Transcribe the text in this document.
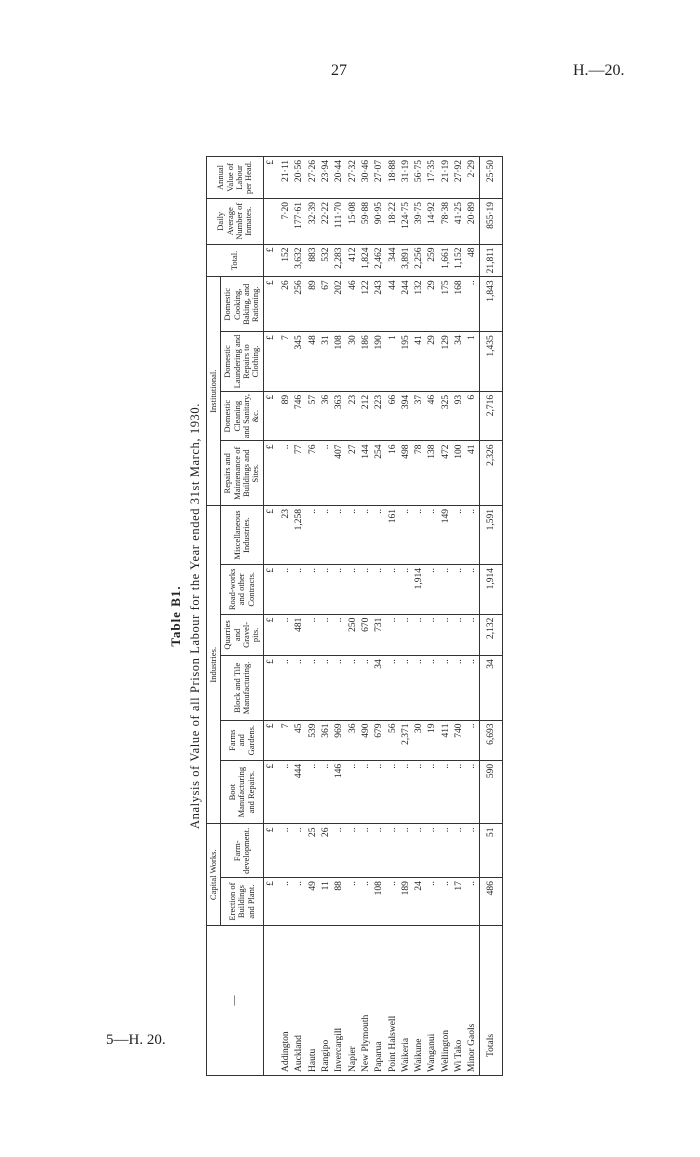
27	H.—20.
5—H. 20.
Table B1. Analysis of Value of all Prison Labour for the Year ended 31st March, 1930.
—	Capital Works.		Industries.						Institutional.				Total.	Daily Average Number of Inmates.	Annual Value of Labour per Head.
	Erection of Buildings and Plant.	Farm-development.	Boot Manufacturing and Repairs.	Farms and Gardens.	Block and Tile Manufacturing.	Quarries and Gravel-pits.	Road-works and other Contracts.	Miscellaneous Industries.	Repairs and Maintenance of Buildings and Sites.	Domestic Cleaning and Sanitary, &c.	Domestic Laundering and Repairs to Clothing.	Domestic Cooking, Baking, and Rationing.			
	£	£	£	£	£	£	£	£	£	£	£	£	£		£
Addington	..	..	..	7	..	..	..	23	..	89	7	26	152	7·20	21·11
Auckland	..	..	444	45	..	481	..	1,258	77	746	345	256	3,632	177·61	20·56
Hautu	49	25	..	539	..	..	..	..	76	57	48	89	883	32·39	27·26
Rangipo	11	26	..	361	..	..	..	..	..	36	31	67	532	22·22	23·94
Invercargill	88	..	146	969	..	..	..	..	407	363	108	202	2,283	111·70	20·44
Napier	..	..	..	36	..	250	..	..	27	23	30	46	412	15·08	27·32
New Plymouth	..	..	..	490	..	670	..	..	144	212	186	122	1,824	59·88	30·46
Paparua	108	..	..	679	34	731	..	..	254	223	190	243	2,462	90·95	27·07
Point Halswell	..	..	..	56	..	..	..	161	16	66	1	44	344	18·22	18·88
Waikeria	189	..	..	2,371	..	..	..	..	498	394	195	244	3,891	124·75	31·19
Waikune	24	..	..	30	..	..	1,914	..	78	37	41	132	2,256	39·75	56·75
Wanganui	..	..	..	19	..	..	..	..	138	46	29	29	259	14·92	17·35
Wellington	..	..	..	411	..	..	..	149	472	325	129	175	1,661	78·38	21·19
Wi Tako	17	..	..	740	..	..	..	..	100	93	34	168	1,152	41·25	27·92
Minor Gaols	..	..	..	..	..	..	..	..	41	6	1	..	48	20·89	2·29
Totals	486	51	590	6,693	34	2,132	1,914	1,591	2,326	2,716	1,435	1,843	21,811	855·19	25·50
